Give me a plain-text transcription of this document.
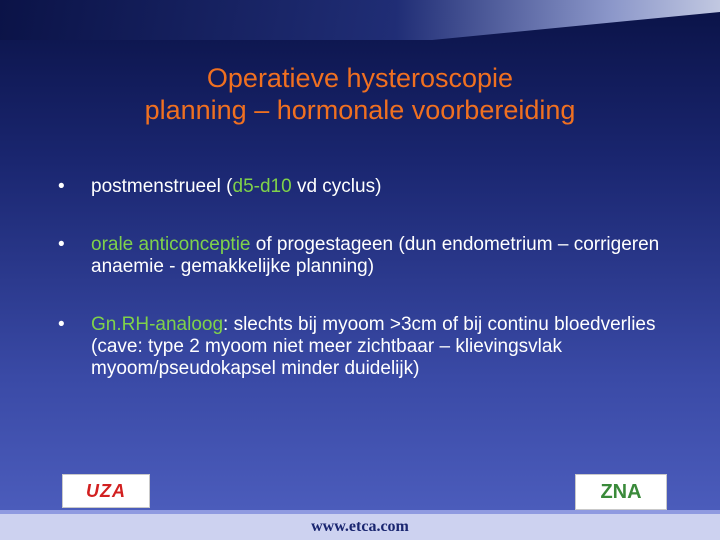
Operatieve hysteroscopie
planning – hormonale voorbereiding
• postmenstrueel (d5-d10 vd cyclus)
• orale anticonceptie of progestageen (dun endometrium – corrigeren anaemie - gemakkelijke planning)
• Gn.RH-analoog: slechts bij myoom >3cm of bij continu bloedverlies (cave: type 2 myoom niet meer zichtbaar – klievingsvlak myoom/pseudokapsel minder duidelijk)
UZA	ZNA
www.etca.com
